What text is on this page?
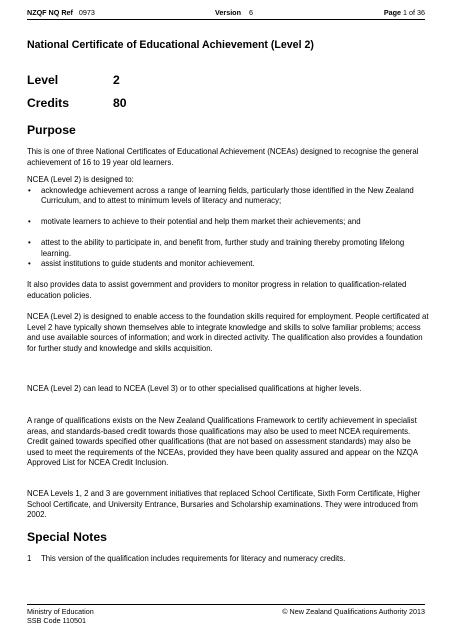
NZQF NQ Ref 0973	Version 6	Page 1 of 36
National Certificate of Educational Achievement (Level 2)
Level	2
Credits	80
Purpose

This is one of three National Certificates of Educational Achievement (NCEAs) designed to recognise the general achievement of 16 to 19 year old learners.

NCEA (Level 2) is designed to:

• acknowledge achievement across a range of learning fields, particularly those identified in the New Zealand Curriculum, and to attest to minimum levels of literacy and numeracy;
• motivate learners to achieve to their potential and help them market their achievements; and
• attest to the ability to participate in, and benefit from, further study and training thereby promoting lifelong learning.
• assist institutions to guide students and monitor achievement.

It also provides data to assist government and providers to monitor progress in relation to qualification-related education policies.

NCEA (Level 2) is designed to enable access to the foundation skills required for employment. People certificated at Level 2 have typically shown themselves able to integrate knowledge and skills to solve familiar problems; access and use available sources of information; and work in directed activity. The qualification also provides a foundation for further study and knowledge and skills acquisition.

NCEA (Level 2) can lead to NCEA (Level 3) or to other specialised qualifications at higher levels.

A range of qualifications exists on the New Zealand Qualifications Framework to certify achievement in specialist areas, and standards-based credit towards those qualifications may also be used to meet NCEA requirements. Credit gained towards specified other qualifications (that are not based on assessment standards) may also be used to meet the requirements of the NCEAs, provided they have been quality assured and appear on the NZQA Approved List for NCEA Credit Inclusion.

NCEA Levels 1, 2 and 3 are government initiatives that replaced School Certificate, Sixth Form Certificate, Higher School Certificate, and University Entrance, Bursaries and Scholarship examinations. They were introduced from 2002.

Special Notes
1 This version of the qualification includes requirements for literacy and numeracy credits.
Ministry of Education
SSB Code 110501
© New Zealand Qualifications Authority 2013
